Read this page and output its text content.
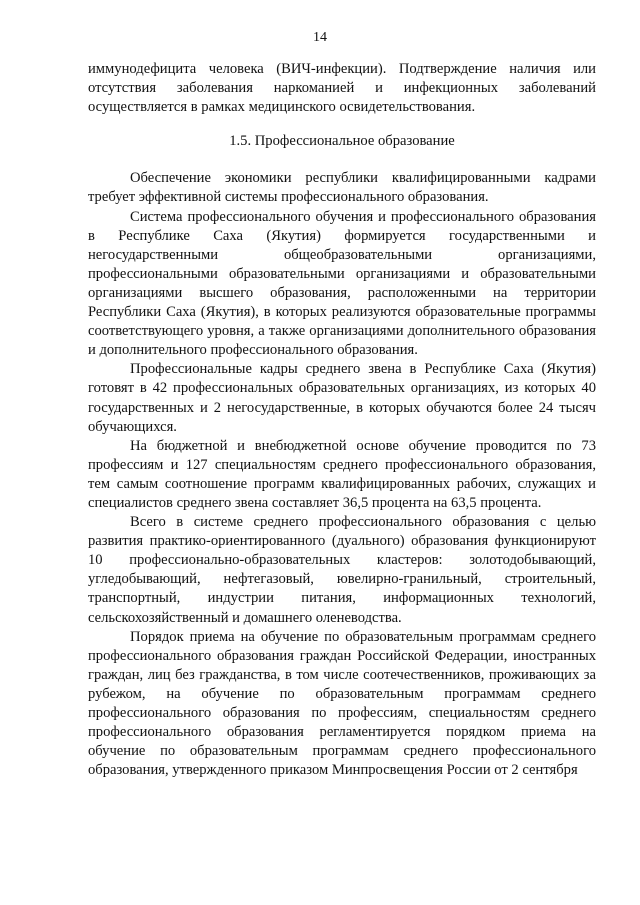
14

иммунодефицита человека (ВИЧ-инфекции). Подтверждение наличия или отсутствия заболевания наркоманией и инфекционных заболеваний осуществляется в рамках медицинского освидетельствования.

1.5. Профессиональное образование

Обеспечение экономики республики квалифицированными кадрами требует эффективной системы профессионального образования.

Система профессионального обучения и профессионального образования в Республике Саха (Якутия) формируется государственными и негосударственными общеобразовательными организациями, профессиональными образовательными организациями и образовательными организациями высшего образования, расположенными на территории Республики Саха (Якутия), в которых реализуются образовательные программы соответствующего уровня, а также организациями дополнительного образования и дополнительного профессионального образования.

Профессиональные кадры среднего звена в Республике Саха (Якутия) готовят в 42 профессиональных образовательных организациях, из которых 40 государственных и 2 негосударственные, в которых обучаются более 24 тысяч обучающихся.

На бюджетной и внебюджетной основе обучение проводится по 73 профессиям и 127 специальностям среднего профессионального образования, тем самым соотношение программ квалифицированных рабочих, служащих и специалистов среднего звена составляет 36,5 процента на 63,5 процента.

Всего в системе среднего профессионального образования с целью развития практико-ориентированного (дуального) образования функционируют 10 профессионально-образовательных кластеров: золотодобывающий, угледобывающий, нефтегазовый, ювелирно-гранильный, строительный, транспортный, индустрии питания, информационных технологий, сельскохозяйственный и домашнего оленеводства.

Порядок приема на обучение по образовательным программам среднего профессионального образования граждан Российской Федерации, иностранных граждан, лиц без гражданства, в том числе соотечественников, проживающих за рубежом, на обучение по образовательным программам среднего профессионального образования по профессиям, специальностям среднего профессионального образования регламентируется порядком приема на обучение по образовательным программам среднего профессионального образования, утвержденного приказом Минпросвещения России от 2 сентября
